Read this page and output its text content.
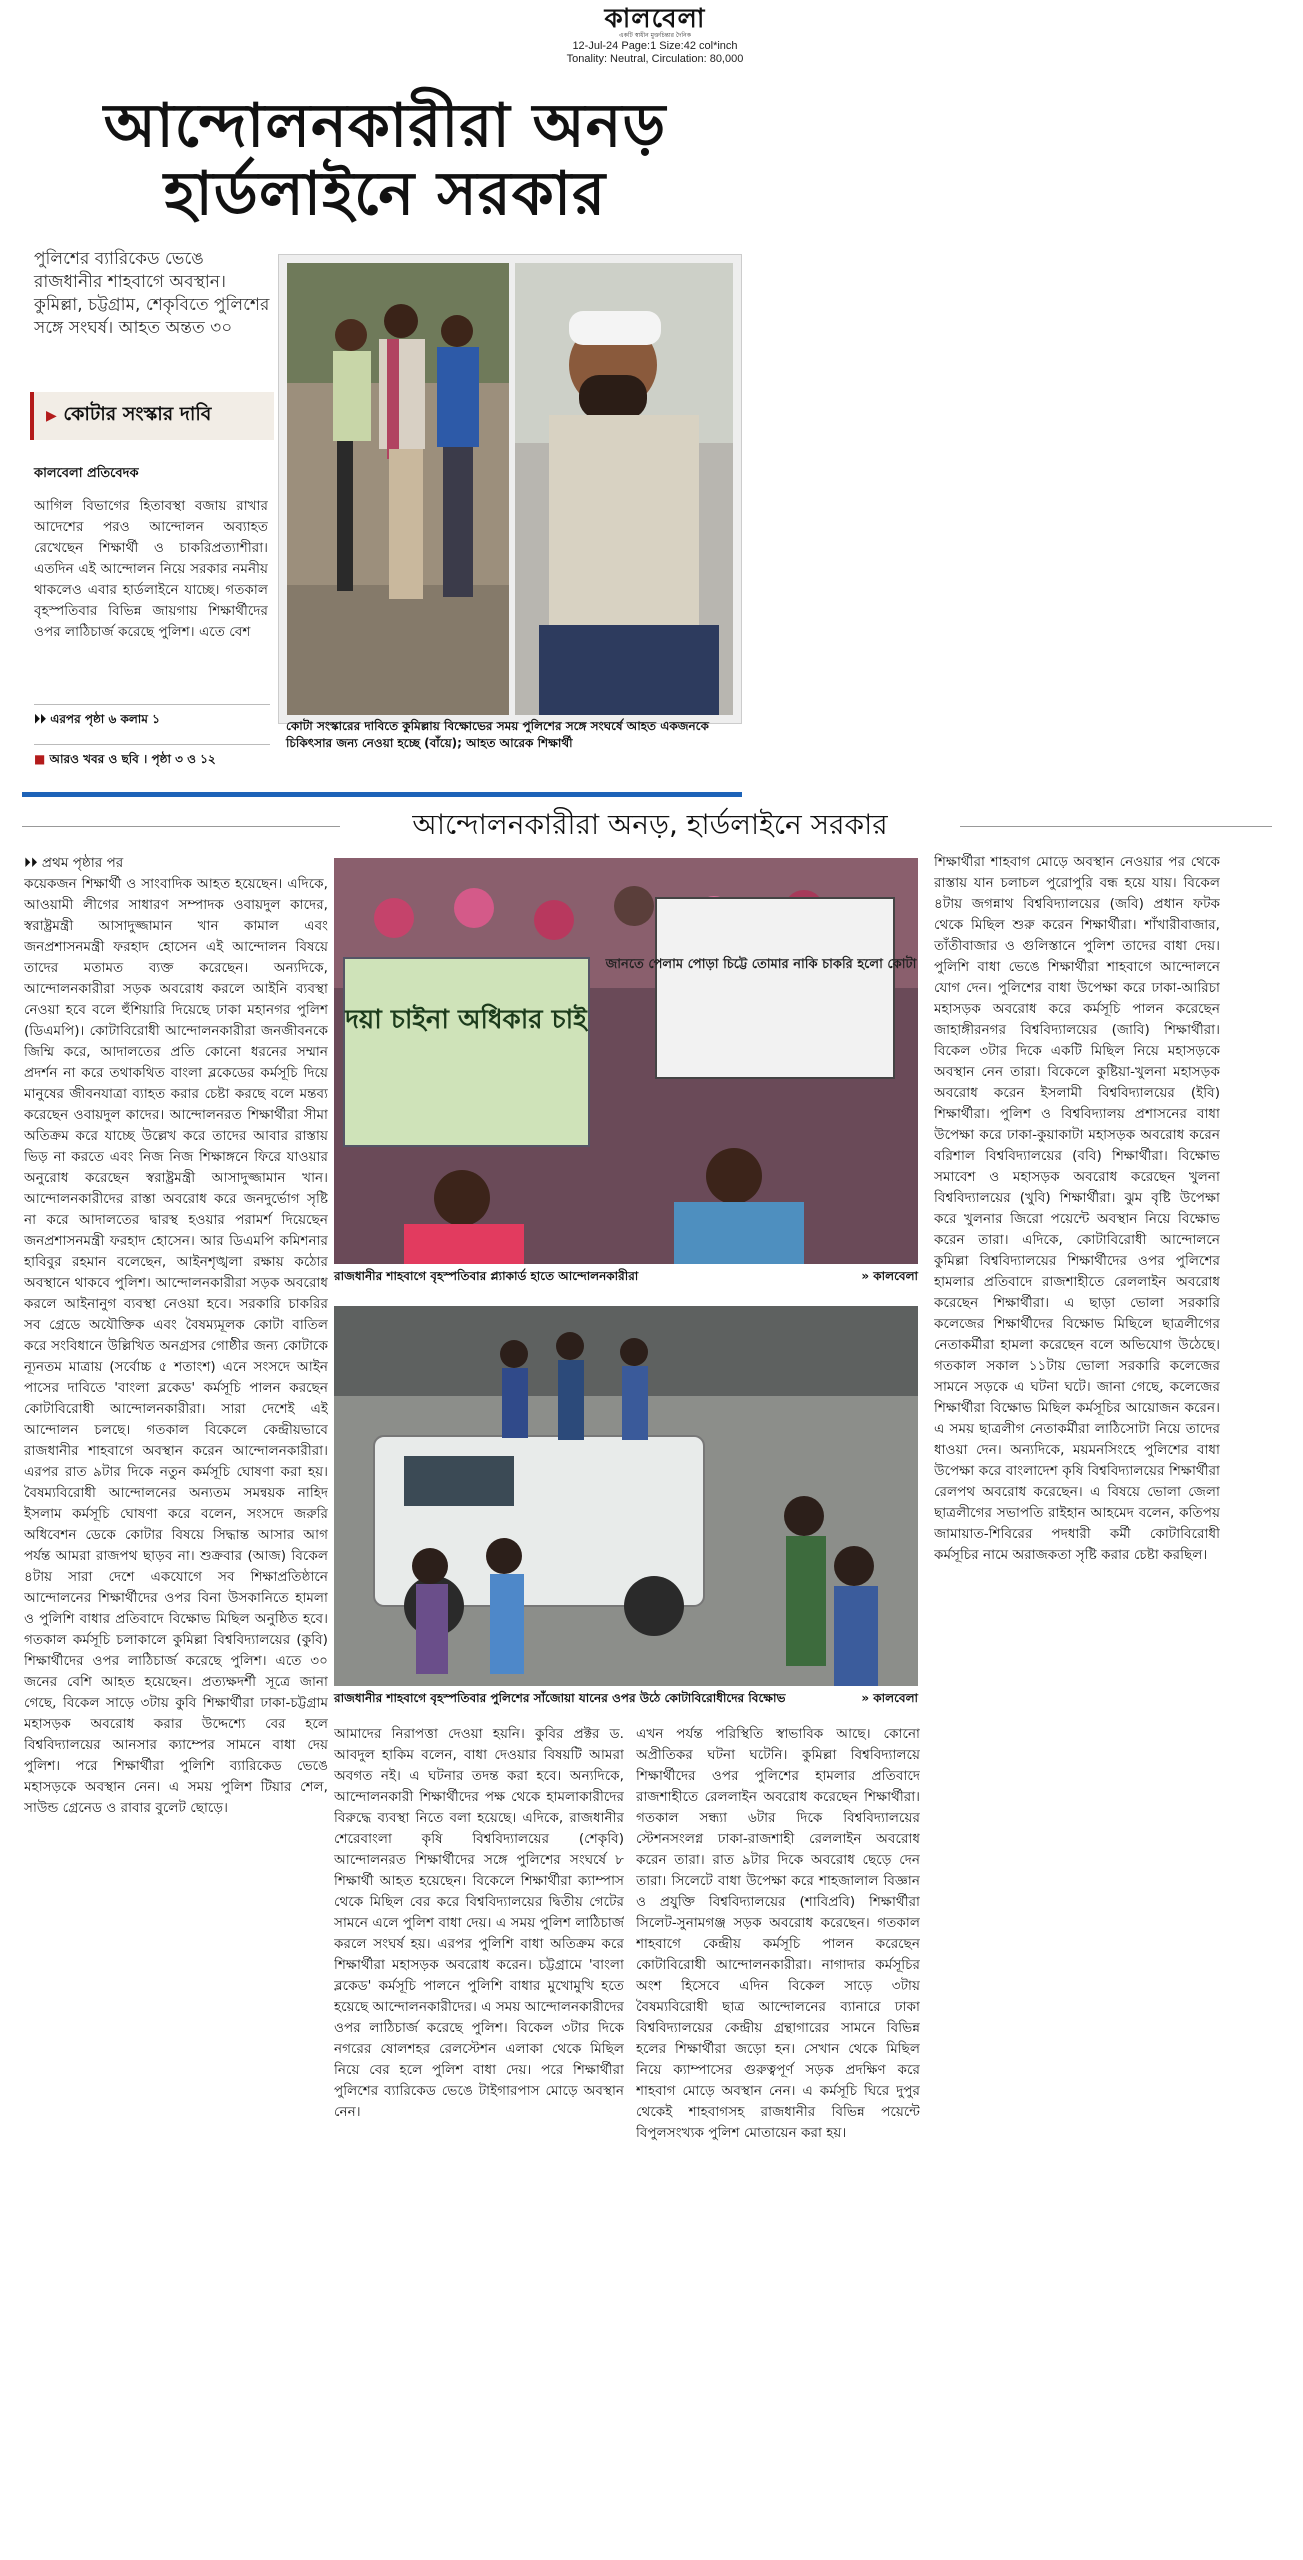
কালবেলা
একটি স্বাধীন মুক্তচিন্তার দৈনিক
12-Jul-24 Page:1 Size:42 col*inch
Tonality: Neutral, Circulation: 80,000
আন্দোলনকারীরা অনড়
হার্ডলাইনে সরকার
পুলিশের ব্যারিকেড ভেঙে রাজধানীর শাহবাগে অবস্থান। কুমিল্লা, চট্টগ্রাম, শেকৃবিতে পুলিশের সঙ্গে সংঘর্ষ। আহত অন্তত ৩০
▶ কোটার সংস্কার দাবি
কালবেলা প্রতিবেদক

আগিল বিভাগের হিতাবস্থা বজায় রাখার আদেশের পরও আন্দোলন অব্যাহত রেখেছেন শিক্ষার্থী ও চাকরিপ্রত্যাশীরা। এতদিন এই আন্দোলন নিয়ে সরকার নমনীয় থাকলেও এবার হার্ডলাইনে যাচ্ছে। গতকাল বৃহস্পতিবার বিভিন্ন জায়গায় শিক্ষার্থীদের ওপর লাঠিচার্জ করেছে পুলিশ। এতে বেশ

⏵⏵ এরপর পৃষ্ঠা ৬ কলাম ১
■ আরও খবর ও ছবি । পৃষ্ঠা ৩ ও ১২
কোটা সংস্কারের দাবিতে কুমিল্লায় বিক্ষোভের সময় পুলিশের সঙ্গে সংঘর্ষে আহত একজনকে চিকিৎসার জন্য নেওয়া হচ্ছে (বাঁয়ে); আহত আরেক শিক্ষার্থী
আন্দোলনকারীরা অনড়, হার্ডলাইনে সরকার
⏵⏵ প্রথম পৃষ্ঠার পর

কয়েকজন শিক্ষার্থী ও সাংবাদিক আহত হয়েছেন। এদিকে, আওয়ামী লীগের সাধারণ সম্পাদক ওবায়দুল কাদের, স্বরাষ্ট্রমন্ত্রী আসাদুজ্জামান খান কামাল এবং জনপ্রশাসনমন্ত্রী ফরহাদ হোসেন এই আন্দোলন বিষয়ে তাদের মতামত ব্যক্ত করেছেন। অন্যদিকে, আন্দোলনকারীরা সড়ক অবরোধ করলে আইনি ব্যবস্থা নেওয়া হবে বলে হুঁশিয়ারি দিয়েছে ঢাকা মহানগর পুলিশ (ডিএমপি)। কোটাবিরোধী আন্দোলনকারীরা জনজীবনকে জিম্মি করে, আদালতের প্রতি কোনো ধরনের সম্মান প্রদর্শন না করে তথাকথিত বাংলা ব্লকেডের কর্মসূচি দিয়ে মানুষের জীবনযাত্রা ব্যাহত করার চেষ্টা করছে বলে মন্তব্য করেছেন ওবায়দুল কাদের। আন্দোলনরত শিক্ষার্থীরা সীমা অতিক্রম করে যাচ্ছে উল্লেখ করে তাদের আবার রাস্তায় ভিড় না করতে এবং নিজ নিজ শিক্ষাঙ্গনে ফিরে যাওয়ার অনুরোধ করেছেন স্বরাষ্ট্রমন্ত্রী আসাদুজ্জামান খান। আন্দোলনকারীদের রাস্তা অবরোধ করে জনদুর্ভোগ সৃষ্টি না করে আদালতের দ্বারস্থ হওয়ার পরামর্শ দিয়েছেন জনপ্রশাসনমন্ত্রী ফরহাদ হোসেন। আর ডিএমপি কমিশনার হাবিবুর রহমান বলেছেন, আইনশৃঙ্খলা রক্ষায় কঠোর অবস্থানে থাকবে পুলিশ। আন্দোলনকারীরা সড়ক অবরোধ করলে আইনানুগ ব্যবস্থা নেওয়া হবে। সরকারি চাকরির সব গ্রেডে অযৌক্তিক এবং বৈষম্যমূলক কোটা বাতিল করে সংবিধানে উল্লিখিত অনগ্রসর গোষ্ঠীর জন্য কোটাকে ন্যূনতম মাত্রায় (সর্বোচ্চ ৫ শতাংশ) এনে সংসদে আইন পাসের দাবিতে 'বাংলা ব্লকেড' কর্মসূচি পালন করছেন কোটাবিরোধী আন্দোলনকারীরা। সারা দেশেই এই আন্দোলন চলছে। গতকাল বিকেলে কেন্দ্রীয়ভাবে রাজধানীর শাহবাগে অবস্থান করেন আন্দোলনকারীরা। এরপর রাত ৯টার দিকে নতুন কর্মসূচি ঘোষণা করা হয়। বৈষম্যবিরোধী আন্দোলনের অন্যতম সমন্বয়ক নাহিদ ইসলাম কর্মসূচি ঘোষণা করে বলেন, সংসদে জরুরি অধিবেশন ডেকে কোটার বিষয়ে সিদ্ধান্ত আসার আগ পর্যন্ত আমরা রাজপথ ছাড়ব না। শুক্রবার (আজ) বিকেল ৪টায় সারা দেশে একযোগে সব শিক্ষাপ্রতিষ্ঠানে আন্দোলনের শিক্ষার্থীদের ওপর বিনা উসকানিতে হামলা ও পুলিশি বাধার প্রতিবাদে বিক্ষোভ মিছিল অনুষ্ঠিত হবে। গতকাল কর্মসূচি চলাকালে কুমিল্লা বিশ্ববিদ্যালয়ের (কুবি) শিক্ষার্থীদের ওপর লাঠিচার্জ করেছে পুলিশ। এতে ৩০ জনের বেশি আহত হয়েছেন। প্রত্যক্ষদর্শী সূত্রে জানা গেছে, বিকেল সাড়ে ৩টায় কুবি শিক্ষার্থীরা ঢাকা-চট্টগ্রাম মহাসড়ক অবরোধ করার উদ্দেশ্যে বের হলে বিশ্ববিদ্যালয়ের আনসার ক্যাম্পের সামনে বাধা দেয় পুলিশ। পরে শিক্ষার্থীরা পুলিশি ব্যারিকেড ভেঙে মহাসড়কে অবস্থান নেন। এ সময় পুলিশ টিয়ার শেল, সাউন্ড গ্রেনেড ও রাবার বুলেট ছোড়ে।

দয়া চাইনা অধিকার চাই
জানতে পেলাম পোড়া চিট্টে তোমার নাকি চাকরি হলো কোটা দিয়ে
রাজধানীর শাহবাগে বৃহস্পতিবার প্ল্যাকার্ড হাতে আন্দোলনকারীরা	» কালবেলা
রাজধানীর শাহবাগে বৃহস্পতিবার পুলিশের সাঁজোয়া যানের ওপর উঠে কোটাবিরোধীদের বিক্ষোভ	» কালবেলা

আমাদের নিরাপত্তা দেওয়া হয়নি। কুবির প্রক্টর ড. আবদুল হাকিম বলেন, বাধা দেওয়ার বিষয়টি আমরা অবগত নই। এ ঘটনার তদন্ত করা হবে। অন্যদিকে, আন্দোলনকারী শিক্ষার্থীদের পক্ষ থেকে হামলাকারীদের বিরুদ্ধে ব্যবস্থা নিতে বলা হয়েছে। এদিকে, রাজধানীর শেরেবাংলা কৃষি বিশ্ববিদ্যালয়ের (শেকৃবি) আন্দোলনরত শিক্ষার্থীদের সঙ্গে পুলিশের সংঘর্ষে ৮ শিক্ষার্থী আহত হয়েছেন। বিকেলে শিক্ষার্থীরা ক্যাম্পাস থেকে মিছিল বের করে বিশ্ববিদ্যালয়ের দ্বিতীয় গেটের সামনে এলে পুলিশ বাধা দেয়। এ সময় পুলিশ লাঠিচার্জ করলে সংঘর্ষ হয়। এরপর পুলিশি বাধা অতিক্রম করে শিক্ষার্থীরা মহাসড়ক অবরোধ করেন। চট্টগ্রামে 'বাংলা ব্লকেড' কর্মসূচি পালনে পুলিশি বাধার মুখোমুখি হতে হয়েছে আন্দোলনকারীদের। এ সময় আন্দোলনকারীদের ওপর লাঠিচার্জ করেছে পুলিশ। বিকেল ৩টার দিকে নগরের ষোলশহর রেলস্টেশন এলাকা থেকে মিছিল নিয়ে বের হলে পুলিশ বাধা দেয়। পরে শিক্ষার্থীরা পুলিশের ব্যারিকেড ভেঙে টাইগারপাস মোড়ে অবস্থান নেন।

এখন পর্যন্ত পরিস্থিতি স্বাভাবিক আছে। কোনো অপ্রীতিকর ঘটনা ঘটেনি। কুমিল্লা বিশ্ববিদ্যালয়ে শিক্ষার্থীদের ওপর পুলিশের হামলার প্রতিবাদে রাজশাহীতে রেললাইন অবরোধ করেছেন শিক্ষার্থীরা। গতকাল সন্ধ্যা ৬টার দিকে বিশ্ববিদ্যালয়ের স্টেশনসংলগ্ন ঢাকা-রাজশাহী রেললাইন অবরোধ করেন তারা। রাত ৯টার দিকে অবরোধ ছেড়ে দেন তারা। সিলেটে বাধা উপেক্ষা করে শাহজালাল বিজ্ঞান ও প্রযুক্তি বিশ্ববিদ্যালয়ের (শাবিপ্রবি) শিক্ষার্থীরা সিলেট-সুনামগঞ্জ সড়ক অবরোধ করেছেন। গতকাল শাহবাগে কেন্দ্রীয় কর্মসূচি পালন করেছেন কোটাবিরোধী আন্দোলনকারীরা। নাগাদার কর্মসূচির অংশ হিসেবে এদিন বিকেল সাড়ে ৩টায় বৈষম্যবিরোধী ছাত্র আন্দোলনের ব্যানারে ঢাকা বিশ্ববিদ্যালয়ের কেন্দ্রীয় গ্রন্থাগারের সামনে বিভিন্ন হলের শিক্ষার্থীরা জড়ো হন। সেখান থেকে মিছিল নিয়ে ক্যাম্পাসের গুরুত্বপূর্ণ সড়ক প্রদক্ষিণ করে শাহবাগ মোড়ে অবস্থান নেন। এ কর্মসূচি ঘিরে দুপুর থেকেই শাহবাগসহ রাজধানীর বিভিন্ন পয়েন্টে বিপুলসংখ্যক পুলিশ মোতায়েন করা হয়।

শিক্ষার্থীরা শাহবাগ মোড়ে অবস্থান নেওয়ার পর থেকে রাস্তায় যান চলাচল পুরোপুরি বন্ধ হয়ে যায়। বিকেল ৪টায় জগন্নাথ বিশ্ববিদ্যালয়ের (জবি) প্রধান ফটক থেকে মিছিল শুরু করেন শিক্ষার্থীরা। শাঁখারীবাজার, তাঁতীবাজার ও গুলিস্তানে পুলিশ তাদের বাধা দেয়। পুলিশি বাধা ভেঙে শিক্ষার্থীরা শাহবাগে আন্দোলনে যোগ দেন। পুলিশের বাধা উপেক্ষা করে ঢাকা-আরিচা মহাসড়ক অবরোধ করে কর্মসূচি পালন করেছেন জাহাঙ্গীরনগর বিশ্ববিদ্যালয়ের (জাবি) শিক্ষার্থীরা। বিকেল ৩টার দিকে একটি মিছিল নিয়ে মহাসড়কে অবস্থান নেন তারা। বিকেলে কুষ্টিয়া-খুলনা মহাসড়ক অবরোধ করেন ইসলামী বিশ্ববিদ্যালয়ের (ইবি) শিক্ষার্থীরা। পুলিশ ও বিশ্ববিদ্যালয় প্রশাসনের বাধা উপেক্ষা করে ঢাকা-কুয়াকাটা মহাসড়ক অবরোধ করেন বরিশাল বিশ্ববিদ্যালয়ের (ববি) শিক্ষার্থীরা। বিক্ষোভ সমাবেশ ও মহাসড়ক অবরোধ করেছেন খুলনা বিশ্ববিদ্যালয়ের (খুবি) শিক্ষার্থীরা। ঝুম বৃষ্টি উপেক্ষা করে খুলনার জিরো পয়েন্টে অবস্থান নিয়ে বিক্ষোভ করেন তারা। এদিকে, কোটাবিরোধী আন্দোলনে কুমিল্লা বিশ্ববিদ্যালয়ের শিক্ষার্থীদের ওপর পুলিশের হামলার প্রতিবাদে রাজশাহীতে রেললাইন অবরোধ করেছেন শিক্ষার্থীরা। এ ছাড়া ভোলা সরকারি কলেজের শিক্ষার্থীদের বিক্ষোভ মিছিলে ছাত্রলীগের নেতাকর্মীরা হামলা করেছেন বলে অভিযোগ উঠেছে। গতকাল সকাল ১১টায় ভোলা সরকারি কলেজের সামনে সড়কে এ ঘটনা ঘটে। জানা গেছে, কলেজের শিক্ষার্থীরা বিক্ষোভ মিছিল কর্মসূচির আয়োজন করেন। এ সময় ছাত্রলীগ নেতাকর্মীরা লাঠিসোটা নিয়ে তাদের ধাওয়া দেন। অন্যদিকে, ময়মনসিংহে পুলিশের বাধা উপেক্ষা করে বাংলাদেশ কৃষি বিশ্ববিদ্যালয়ের শিক্ষার্থীরা রেলপথ অবরোধ করেছেন। এ বিষয়ে ভোলা জেলা ছাত্রলীগের সভাপতি রাইহান আহমেদ বলেন, কতিপয় জামায়াত-শিবিরের পদধারী কর্মী কোটাবিরোধী কর্মসূচির নামে অরাজকতা সৃষ্টি করার চেষ্টা করছিল।
